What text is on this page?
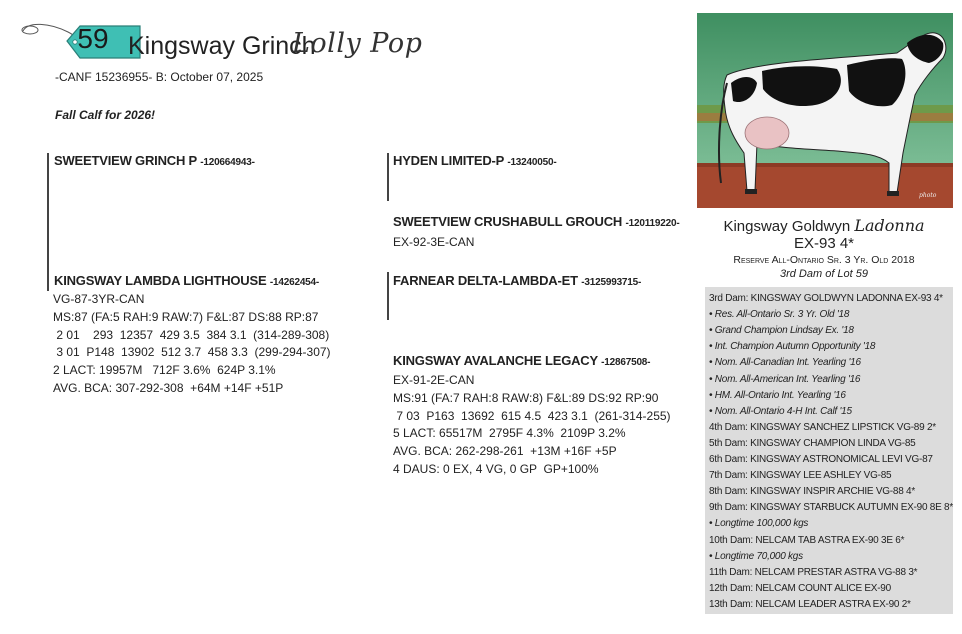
59 Kingsway Grinch
Lolly Pop
-CANF 15236955- B: October 07, 2025
Fall Calf for 2026!
SWEETVIEW GRINCH P -120664943-	HYDEN LIMITED-P -13240050-
SWEETVIEW CRUSHABULL GROUCH -120119220-
EX-92-3E-CAN
KINGSWAY LAMBDA LIGHTHOUSE -14262454-
VG-87-3YR-CAN
MS:87 (FA:5 RAH:9 RAW:7) F&L:87 DS:88 RP:87
2 01    293  12357  429 3.5  384 3.1  (314-289-308)
3 01  P148  13902  512 3.7  458 3.3  (299-294-307)
2 LACT: 19957M   712F 3.6%  624P 3.1%
AVG. BCA: 307-292-308  +64M +14F +51P
FARNEAR DELTA-LAMBDA-ET -3125993715-
KINGSWAY AVALANCHE LEGACY -12867508-
EX-91-2E-CAN
MS:91 (FA:7 RAH:8 RAW:8) F&L:89 DS:92 RP:90
7 03  P163  13692  615 4.5  423 3.1  (261-314-255)
5 LACT: 65517M  2795F 4.3%  2109P 3.2%
AVG. BCA: 262-298-261  +13M +16F +5P
4 DAUS: 0 EX, 4 VG, 0 GP  GP+100%
photo
Kingsway Goldwyn Ladonna
EX-93 4*
Reserve All-Ontario Sr. 3 Yr. Old 2018
3rd Dam of Lot 59
3rd Dam: KINGSWAY GOLDWYN LADONNA EX-93 4*
• Res. All-Ontario Sr. 3 Yr. Old '18
• Grand Champion Lindsay Ex. '18
• Int. Champion Autumn Opportunity '18
• Nom. All-Canadian Int. Yearling '16
• Nom. All-American Int. Yearling '16
• HM. All-Ontario Int. Yearling '16
• Nom. All-Ontario 4-H Int. Calf '15
4th Dam: KINGSWAY SANCHEZ LIPSTICK VG-89 2*
5th Dam: KINGSWAY CHAMPION LINDA VG-85
6th Dam: KINGSWAY ASTRONOMICAL LEVI VG-87
7th Dam: KINGSWAY LEE ASHLEY VG-85
8th Dam: KINGSWAY INSPIR ARCHIE VG-88 4*
9th Dam: KINGSWAY STARBUCK AUTUMN EX-90 8E 8*
• Longtime 100,000 kgs
10th Dam: NELCAM TAB ASTRA EX-90 3E 6*
• Longtime 70,000 kgs
11th Dam: NELCAM PRESTAR ASTRA VG-88 3*
12th Dam: NELCAM COUNT ALICE EX-90
13th Dam: NELCAM LEADER ASTRA EX-90 2*
